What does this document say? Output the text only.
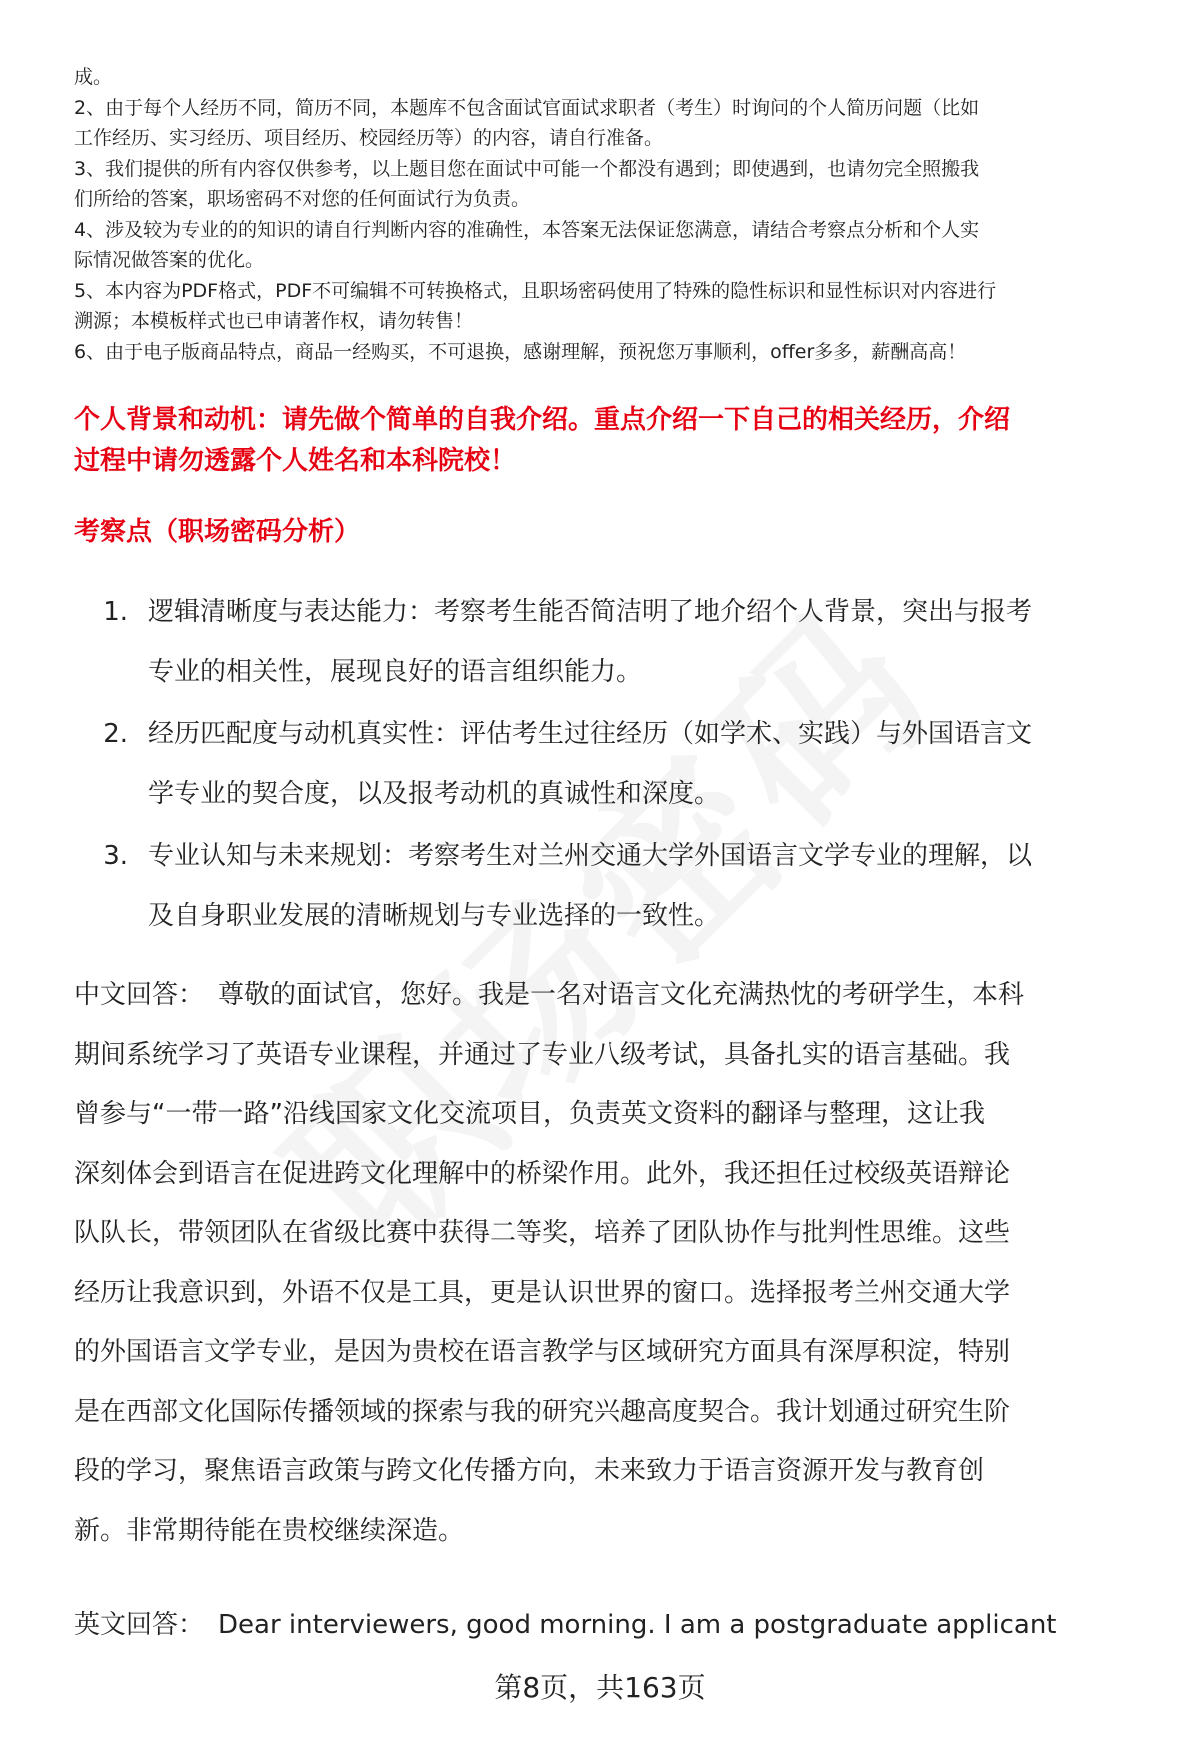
成。

2、由于每个人经历不同，简历不同，本题库不包含面试官面试求职者（考生）时询问的个人简历问题（比如

工作经历、实习经历、项目经历、校园经历等）的内容，请自行准备。

3、我们提供的所有内容仅供参考，以上题目您在面试中可能一个都没有遇到；即使遇到，也请勿完全照搬我

们所给的答案，职场密码不对您的任何面试行为负责。

4、涉及较为专业的的知识的请自行判断内容的准确性，本答案无法保证您满意，请结合考察点分析和个人实

际情况做答案的优化。

5、本内容为PDF格式，PDF不可编辑不可转换格式，且职场密码使用了特殊的隐性标识和显性标识对内容进行

溯源；本模板样式也已申请著作权，请勿转售！

6、由于电子版商品特点，商品一经购买，不可退换，感谢理解，预祝您万事顺利，offer多多，薪酬高高！

个人背景和动机：请先做个简单的自我介绍。重点介绍一下自己的相关经历，介绍
过程中请勿透露个人姓名和本科院校！
考察点（职场密码分析）
1. 逻辑清晰度与表达能力：考察考生能否简洁明了地介绍个人背景，突出与报考
专业的相关性，展现良好的语言组织能力。
2. 经历匹配度与动机真实性：评估考生过往经历（如学术、实践）与外国语言文
学专业的契合度，以及报考动机的真诚性和深度。
3. 专业认知与未来规划：考察考生对兰州交通大学外国语言文学专业的理解，以
及自身职业发展的清晰规划与专业选择的一致性。
中文回答： 尊敬的面试官，您好。我是一名对语言文化充满热忱的考研学生，本科
期间系统学习了英语专业课程，并通过了专业八级考试，具备扎实的语言基础。我
曾参与“一带一路”沿线国家文化交流项目，负责英文资料的翻译与整理，这让我
深刻体会到语言在促进跨文化理解中的桥梁作用。此外，我还担任过校级英语辩论
队队长，带领团队在省级比赛中获得二等奖，培养了团队协作与批判性思维。这些
经历让我意识到，外语不仅是工具，更是认识世界的窗口。选择报考兰州交通大学
的外国语言文学专业，是因为贵校在语言教学与区域研究方面具有深厚积淀，特别
是在西部文化国际传播领域的探索与我的研究兴趣高度契合。我计划通过研究生阶
段的学习，聚焦语言政策与跨文化传播方向，未来致力于语言资源开发与教育创
新。非常期待能在贵校继续深造。
英文回答： Dear interviewers, good morning. I am a postgraduate applicant
第8页，共163页
